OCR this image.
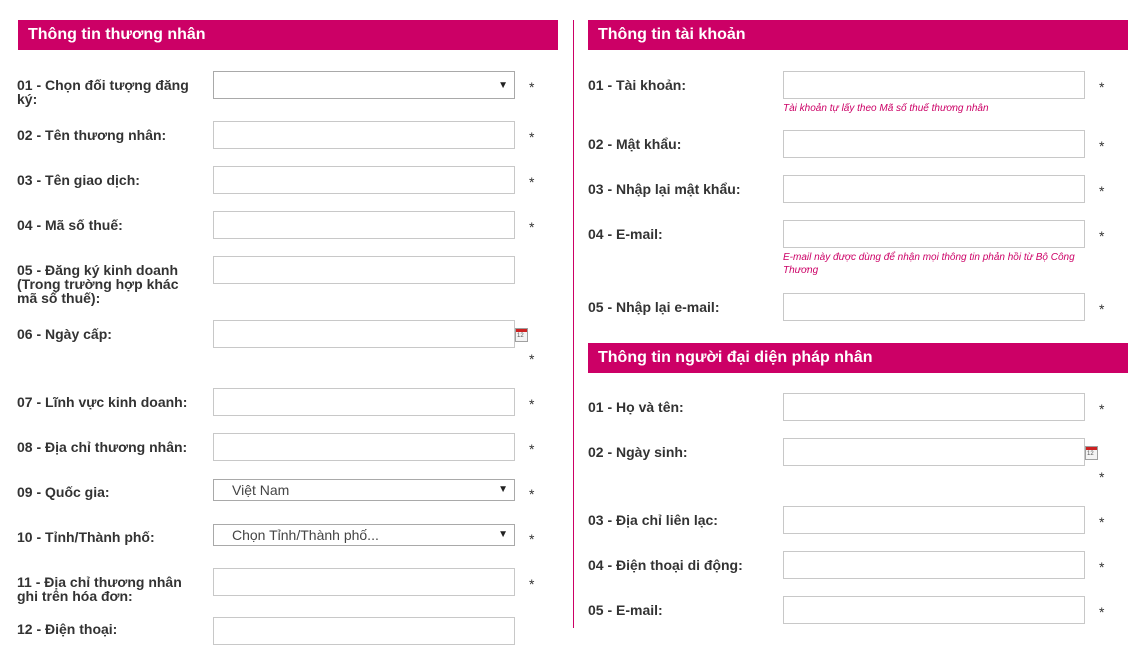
Thông tin thương nhân
01 - Chọn đối tượng đăng ký:
▼ *
02 - Tên thương nhân:	*
03 - Tên giao dịch:	*
04 - Mã số thuế:	*
05 - Đăng ký kinh doanh (Trong trường hợp khác mã số thuế):
06 - Ngày cấp:
12
*
07 - Lĩnh vực kinh doanh:	*
08 - Địa chỉ thương nhân:	*
09 - Quốc gia:	Việt Nam	▼ *
10 - Tỉnh/Thành phố:	Chọn Tỉnh/Thành phố...	▼ *
11 - Địa chỉ thương nhân ghi trên hóa đơn:
*
12 - Điện thoại:
Thông tin tài khoản
01 - Tài khoản:	*
Tài khoản tự lấy theo Mã số thuế thương nhân
02 - Mật khẩu:	*
03 - Nhập lại mật khẩu:	*
04 - E-mail:	*
E-mail này được dùng để nhận mọi thông tin phản hồi từ Bộ Công Thương
05 - Nhập lại e-mail:	*
Thông tin người đại diện pháp nhân
01 - Họ và tên:	*
02 - Ngày sinh:
12
*
03 - Địa chỉ liên lạc:	*
04 - Điện thoại di động:	*
05 - E-mail:	*
